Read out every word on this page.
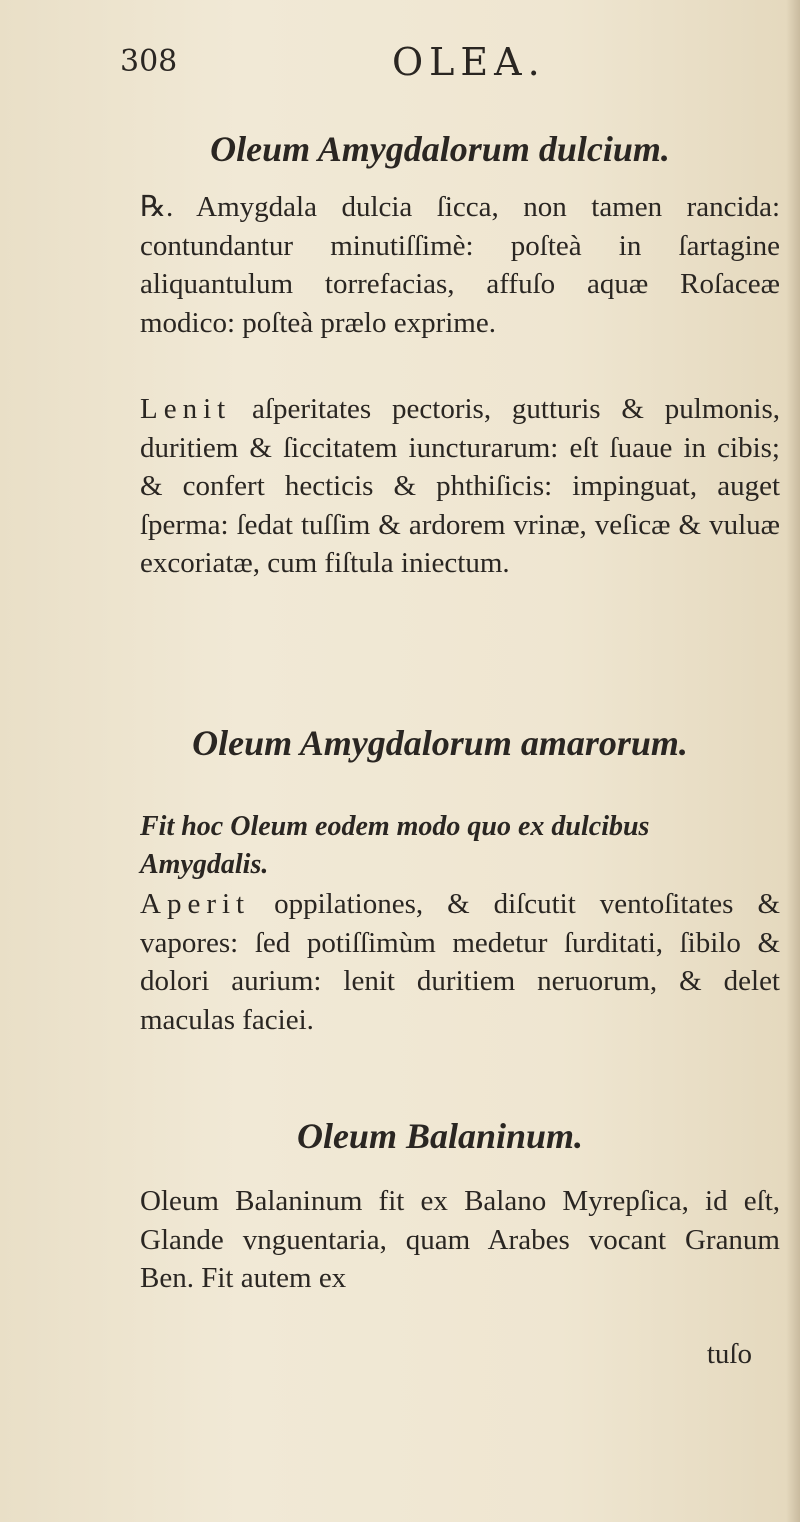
308	OLEA.
Oleum Amygdalorum dulcium.
℞. Amygdala dulcia ſicca, non tamen rancida: contundantur minutiſſimè: poſteà in ſartagine aliquantulum torrefacias, affuſo aquæ Roſaceæ modico: poſteà prælo exprime.
Lenit aſperitates pectoris, gutturis & pulmonis, duritiem & ſiccitatem iuncturarum: eſt ſuaue in cibis; & confert hecticis & phthiſicis: impinguat, auget ſperma: ſedat tuſſim & ardorem vrinæ, veſicæ & vuluæ excoriatæ, cum fiſtula iniectum.
Oleum Amygdalorum amarorum.
Fit hoc Oleum eodem modo quo ex dulcibus Amygdalis.
Aperit oppilationes, & diſcutit ventoſitates & vapores: ſed potiſſimùm medetur ſurditati, ſibilo & dolori aurium: lenit duritiem neruorum, & delet maculas faciei.
Oleum Balaninum.
Oleum Balaninum fit ex Balano Myrepſica, id eſt, Glande vnguentaria, quam Arabes vocant Granum Ben. Fit autem ex
tuſo
